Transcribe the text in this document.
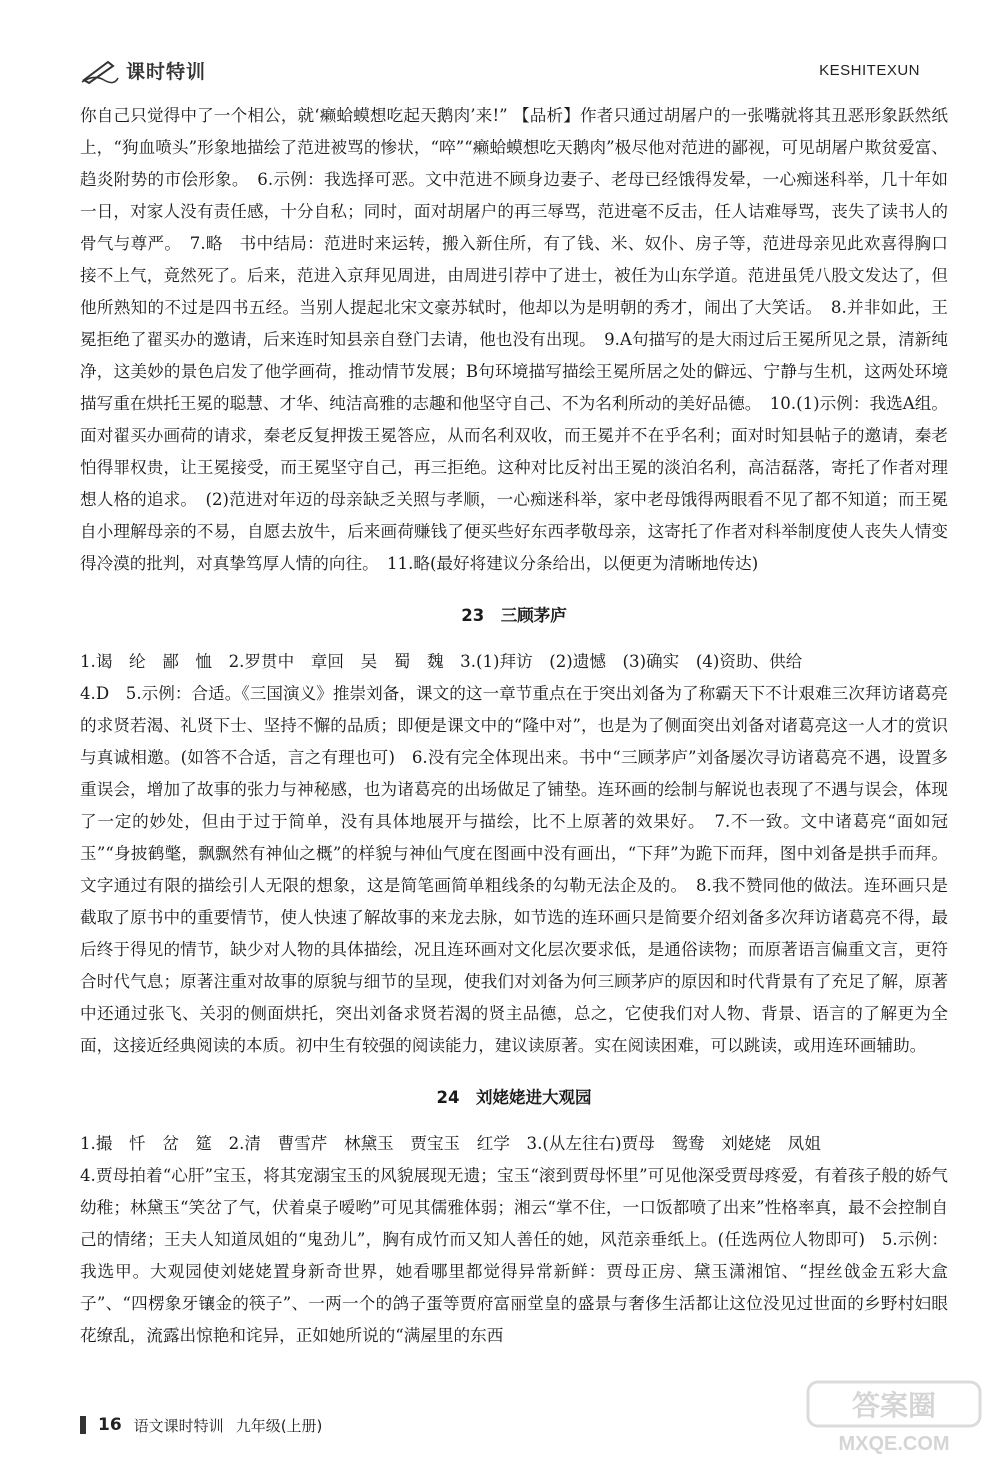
课时特训	KESHITEXUN

你自己只觉得中了一个相公，就‘癞蛤蟆想吃起天鹅肉’来!” 【品析】作者只通过胡屠户的一张嘴就将其丑恶形象跃然纸上，“狗血喷头”形象地描绘了范进被骂的惨状，“啐”“癞蛤蟆想吃天鹅肉”极尽他对范进的鄙视，可见胡屠户欺贫爱富、趋炎附势的市侩形象。　6.示例：我选择可恶。文中范进不顾身边妻子、老母已经饿得发晕，一心痴迷科举，几十年如一日，对家人没有责任感，十分自私；同时，面对胡屠户的再三辱骂，范进毫不反击，任人诘难辱骂，丧失了读书人的骨气与尊严。　7.略　书中结局：范进时来运转，搬入新住所，有了钱、米、奴仆、房子等，范进母亲见此欢喜得胸口接不上气，竟然死了。后来，范进入京拜见周进，由周进引荐中了进士，被任为山东学道。范进虽凭八股文发达了，但他所熟知的不过是四书五经。当别人提起北宋文豪苏轼时，他却以为是明朝的秀才，闹出了大笑话。　8.并非如此，王冕拒绝了翟买办的邀请，后来连时知县亲自登门去请，他也没有出现。　9.A句描写的是大雨过后王冕所见之景，清新纯净，这美妙的景色启发了他学画荷，推动情节发展；B句环境描写描绘王冕所居之处的僻远、宁静与生机，这两处环境描写重在烘托王冕的聪慧、才华、纯洁高雅的志趣和他坚守自己、不为名利所动的美好品德。　10.(1)示例：我选A组。面对翟买办画荷的请求，秦老反复押拨王冕答应，从而名利双收，而王冕并不在乎名利；面对时知县帖子的邀请，秦老怕得罪权贵，让王冕接受，而王冕坚守自己，再三拒绝。这种对比反衬出王冕的淡泊名利，高洁磊落，寄托了作者对理想人格的追求。　(2)范进对年迈的母亲缺乏关照与孝顺，一心痴迷科举，家中老母饿得两眼看不见了都不知道；而王冕自小理解母亲的不易，自愿去放牛，后来画荷赚钱了便买些好东西孝敬母亲，这寄托了作者对科举制度使人丧失人情变得冷漠的批判，对真挚笃厚人情的向往。　11.略(最好将建议分条给出，以便更为清晰地传达)

23　三顾茅庐

1.谒　纶　鄙　恤　2.罗贯中　章回　吴　蜀　魏　3.(1)拜访　(2)遗憾　(3)确实　(4)资助、供给

4.D　5.示例：合适。《三国演义》推崇刘备，课文的这一章节重点在于突出刘备为了称霸天下不计艰难三次拜访诸葛亮的求贤若渴、礼贤下士、坚持不懈的品质；即便是课文中的“隆中对”，也是为了侧面突出刘备对诸葛亮这一人才的赏识与真诚相邀。(如答不合适，言之有理也可)　6.没有完全体现出来。书中“三顾茅庐”刘备屡次寻访诸葛亮不遇，设置多重误会，增加了故事的张力与神秘感，也为诸葛亮的出场做足了铺垫。连环画的绘制与解说也表现了不遇与误会，体现了一定的妙处，但由于过于简单，没有具体地展开与描绘，比不上原著的效果好。　7.不一致。文中诸葛亮“面如冠玉”“身披鹤氅，飘飘然有神仙之概”的样貌与神仙气度在图画中没有画出，“下拜”为跪下而拜，图中刘备是拱手而拜。文字通过有限的描绘引人无限的想象，这是简笔画简单粗线条的勾勒无法企及的。　8.我不赞同他的做法。连环画只是截取了原书中的重要情节，使人快速了解故事的来龙去脉，如节选的连环画只是简要介绍刘备多次拜访诸葛亮不得，最后终于得见的情节，缺少对人物的具体描绘，况且连环画对文化层次要求低，是通俗读物；而原著语言偏重文言，更符合时代气息；原著注重对故事的原貌与细节的呈现，使我们对刘备为何三顾茅庐的原因和时代背景有了充足了解，原著中还通过张飞、关羽的侧面烘托，突出刘备求贤若渴的贤主品德，总之，它使我们对人物、背景、语言的了解更为全面，这接近经典阅读的本质。初中生有较强的阅读能力，建议读原著。实在阅读困难，可以跳读，或用连环画辅助。

24　刘姥姥进大观园

1.撮　忏　岔　筵　2.清　曹雪芹　林黛玉　贾宝玉　红学　3.(从左往右)贾母　鸳鸯　刘姥姥　凤姐

4.贾母拍着“心肝”宝玉，将其宠溺宝玉的风貌展现无遗；宝玉“滚到贾母怀里”可见他深受贾母疼爱，有着孩子般的娇气幼稚；林黛玉“笑岔了气，伏着桌子嗳哟”可见其儒雅体弱；湘云“掌不住，一口饭都喷了出来”性格率真，最不会控制自己的情绪；王夫人知道凤姐的“鬼劲儿”，胸有成竹而又知人善任的她，风范亲垂纸上。(任选两位人物即可)　5.示例：我选甲。大观园使刘姥姥置身新奇世界，她看哪里都觉得异常新鲜：贾母正房、黛玉潇湘馆、“捏丝戗金五彩大盒子”、“四楞象牙镶金的筷子”、一两一个的鸽子蛋等贾府富丽堂皇的盛景与奢侈生活都让这位没见过世面的乡野村妇眼花缭乱，流露出惊艳和诧异，正如她所说的“满屋里的东西

16 语文课时特训 九年级(上册)
答案圈
MXQE.COM
